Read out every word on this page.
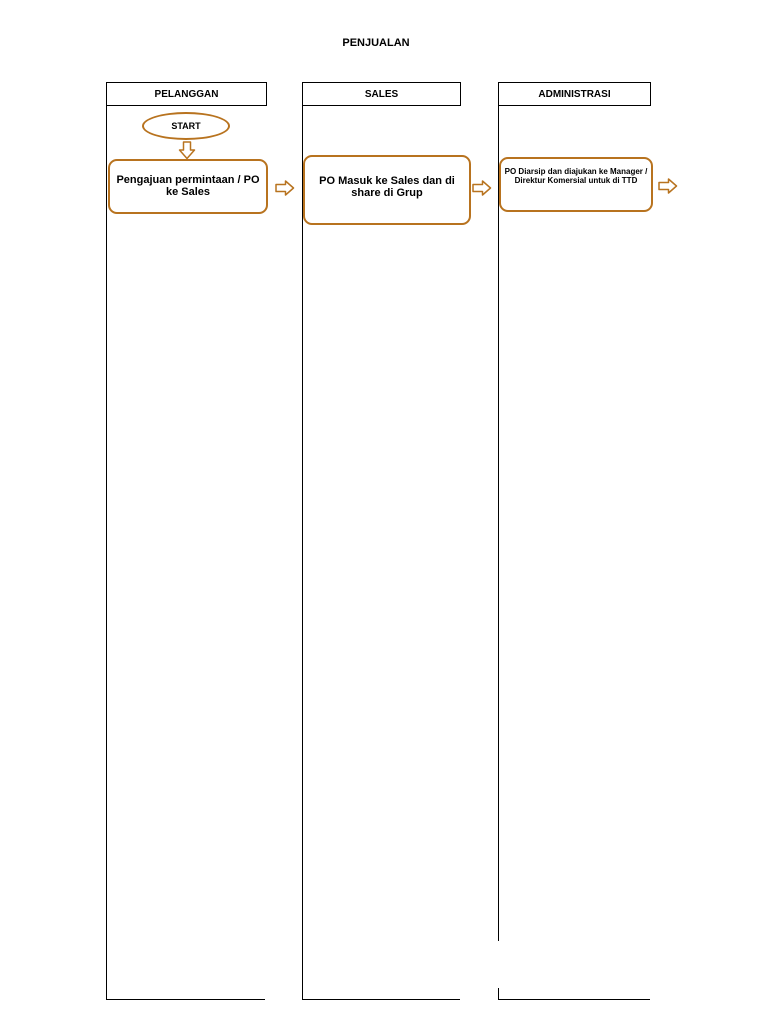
PENJUALAN
PELANGGAN	SALES	ADMINISTRASI
START
Pengajuan permintaan / PO ke Sales
PO Masuk ke Sales dan di share di Grup
PO Diarsip dan diajukan ke Manager / Direktur Komersial untuk di TTD
